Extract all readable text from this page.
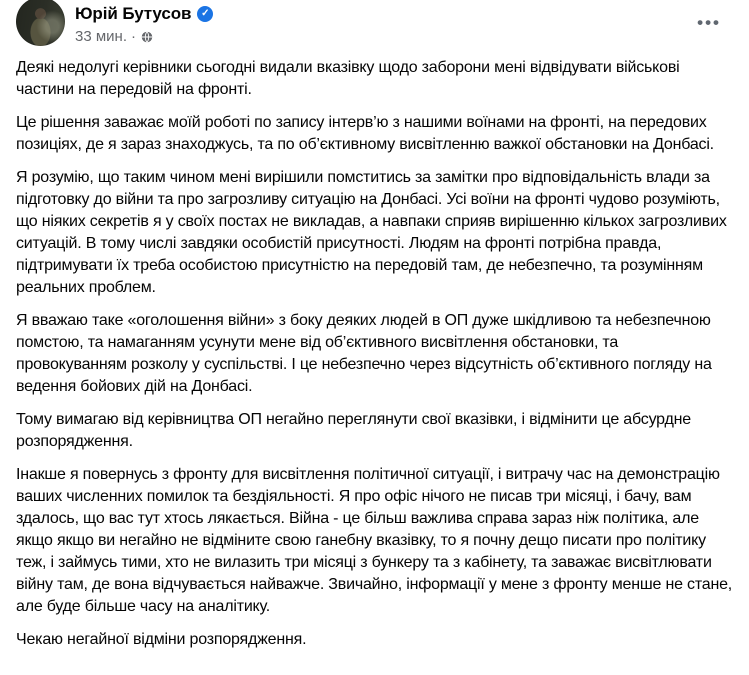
Юрій Бутусов ✓
33 мин. ·
•••

Деякі недолугі керівники сьогодні видали вказівку щодо заборони мені відвідувати військові частини на передовій на фронті.

Це рішення заважає моїй роботі по запису інтерв’ю з нашими воїнами на фронті, на передових позиціях, де я зараз знаходжусь, та по об’єктивному висвітленню важкої обстановки на Донбасі.

Я розумію, що таким чином мені вирішили помститись за замітки про відповідальність влади за підготовку до війни та про загрозливу ситуацію на Донбасі. Усі воїни на фронті чудово розуміють, що ніяких секретів я у своїх постах не викладав, а навпаки сприяв вирішенню кількох загрозливих ситуацій. В тому числі завдяки особистій присутності. Людям на фронті потрібна правда, підтримувати їх треба особистою присутністю на передовій там, де небезпечно, та розумінням реальних проблем.

Я вважаю таке «оголошення війни» з боку деяких людей в ОП дуже шкідливою та небезпечною помстою, та намаганням усунути мене від об’єктивного висвітлення обстановки, та провокуванням розколу у суспільстві. І це небезпечно через відсутність об’єктивного погляду на ведення бойових дій на Донбасі.

Тому вимагаю від керівництва ОП негайно переглянути свої вказівки, і відмінити це абсурдне розпорядження.

Інакше я повернусь з фронту для висвітлення політичної ситуації, і витрачу час на демонстрацію ваших численних помилок та бездіяльності. Я про офіс нічого не писав три місяці, і бачу, вам здалось, що вас тут хтось лякається. Війна - це більш важлива справа зараз ніж політика, але якщо якщо ви негайно не відміните свою ганебну вказівку, то я почну дещо писати про політику теж, і займусь тими, хто не вилазить три місяці з бункеру та з кабінету, та заважає висвітлювати війну там, де вона відчувається найважче. Звичайно, інформації у мене з фронту менше не стане, але буде більше часу на аналітику.

Чекаю негайної відміни розпорядження.
